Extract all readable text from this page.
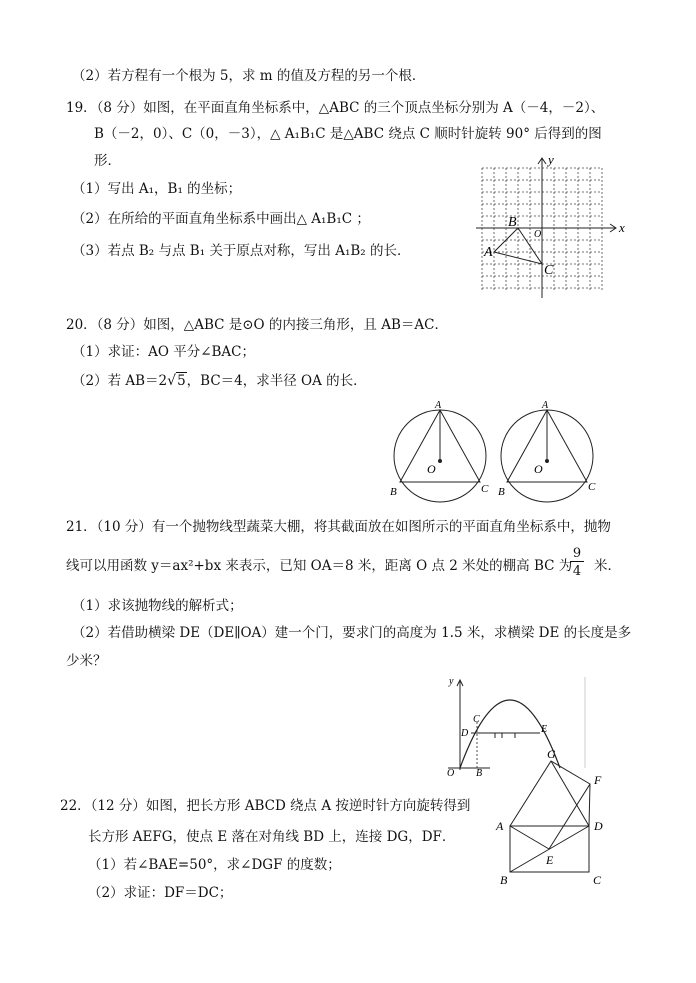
（2）若方程有一个根为 5，求 m 的值及方程的另一个根．
19．（8 分）如图，在平面直角坐标系中，△ABC 的三个顶点坐标分别为 A（－4，－2）、
B（－2，0）、C（0，－3），△ A₁B₁C 是△ABC 绕点 C 顺时针旋转 90° 后得到的图
形．
（1）写出 A₁，B₁ 的坐标；
（2）在所给的平面直角坐标系中画出△ A₁B₁C ；
（3）若点 B₂ 与点 B₁ 关于原点对称，写出 A₁B₂ 的长．
x
y
O
A
B
C
20．（8 分）如图，△ABC 是⊙O 的内接三角形，且 AB＝AC．
（1）求证：AO 平分∠BAC；
（2）若 AB＝2√5，BC＝4，求半径 OA 的长．
A
B	C
O
A
B	C
O
21．（10 分）有一个抛物线型蔬菜大棚，将其截面放在如图所示的平面直角坐标系中，抛物
线可以用函数 y＝ax²+bx 来表示，已知 OA＝8 米，距离 O 点 2 米处的棚高 BC 为
9
4 米．
（1）求该抛物线的解析式；
（2）若借助横梁 DE（DE∥OA）建一个门，要求门的高度为 1.5 米，求横梁 DE 的长度是多
少米？
y
O B
C
D	E
22．（12 分）如图，把长方形 ABCD 绕点 A 按逆时针方向旋转得到
长方形 AEFG，使点 E 落在对角线 BD 上，连接 DG，DF．
（1）若∠BAE=50°，求∠DGF 的度数；
（2）求证：DF＝DC；
A
B	C
D
E
F
G
